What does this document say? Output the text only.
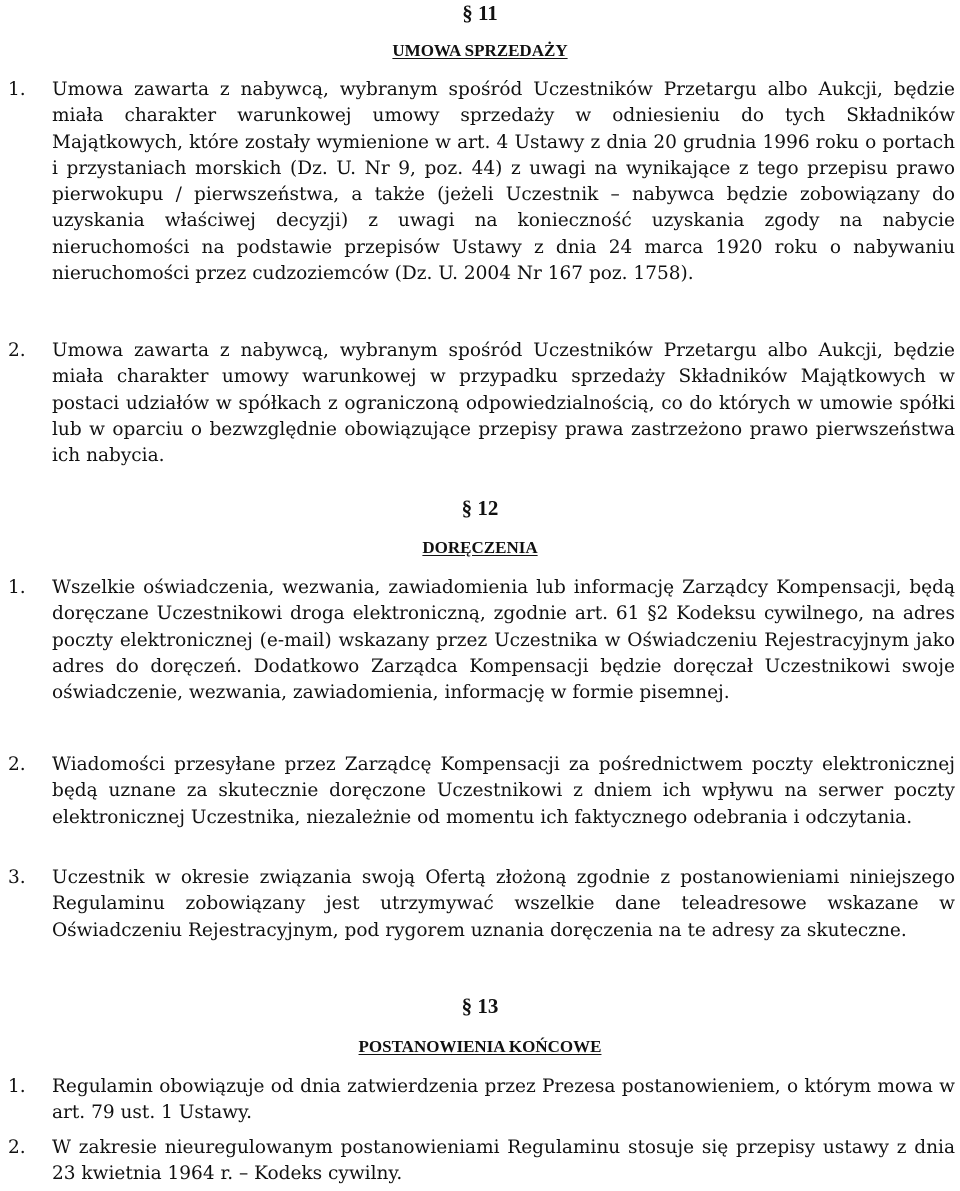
§ 11
UMOWA SPRZEDAŻY
1. Umowa zawarta z nabywcą, wybranym spośród Uczestników Przetargu albo Aukcji, będzie miała charakter warunkowej umowy sprzedaży w odniesieniu do tych Składników Majątkowych, które zostały wymienione w art. 4 Ustawy z dnia 20 grudnia 1996 roku o portach i przystaniach morskich (Dz. U. Nr 9, poz. 44) z uwagi na wynikające z tego przepisu prawo pierwokupu / pierwszeństwa, a także (jeżeli Uczestnik – nabywca będzie zobowiązany do uzyskania właściwej decyzji) z uwagi na konieczność uzyskania zgody na nabycie nieruchomości na podstawie przepisów Ustawy z dnia 24 marca 1920 roku o nabywaniu nieruchomości przez cudzoziemców (Dz. U. 2004 Nr 167 poz. 1758).
2. Umowa zawarta z nabywcą, wybranym spośród Uczestników Przetargu albo Aukcji, będzie miała charakter umowy warunkowej w przypadku sprzedaży Składników Majątkowych w postaci udziałów w spółkach z ograniczoną odpowiedzialnością, co do których w umowie spółki lub w oparciu o bezwzględnie obowiązujące przepisy prawa zastrzeżono prawo pierwszeństwa ich nabycia.
§ 12
DORĘCZENIA
1. Wszelkie oświadczenia, wezwania, zawiadomienia lub informację Zarządcy Kompensacji, będą doręczane Uczestnikowi droga elektroniczną, zgodnie art. 61 §2 Kodeksu cywilnego, na adres poczty elektronicznej (e-mail) wskazany przez Uczestnika w Oświadczeniu Rejestracyjnym jako adres do doręczeń. Dodatkowo Zarządca Kompensacji będzie doręczał Uczestnikowi swoje oświadczenie, wezwania, zawiadomienia, informację w formie pisemnej.
2. Wiadomości przesyłane przez Zarządcę Kompensacji za pośrednictwem poczty elektronicznej będą uznane za skutecznie doręczone Uczestnikowi z dniem ich wpływu na serwer poczty elektronicznej Uczestnika, niezależnie od momentu ich faktycznego odebrania i odczytania.
3. Uczestnik w okresie związania swoją Ofertą złożoną zgodnie z postanowieniami niniejszego Regulaminu zobowiązany jest utrzymywać wszelkie dane teleadresowe wskazane w Oświadczeniu Rejestracyjnym, pod rygorem uznania doręczenia na te adresy za skuteczne.
§ 13
POSTANOWIENIA KOŃCOWE
1. Regulamin obowiązuje od dnia zatwierdzenia przez Prezesa postanowieniem, o którym mowa w art. 79 ust. 1 Ustawy.
2. W zakresie nieuregulowanym postanowieniami Regulaminu stosuje się przepisy ustawy z dnia 23 kwietnia 1964 r. – Kodeks cywilny.
